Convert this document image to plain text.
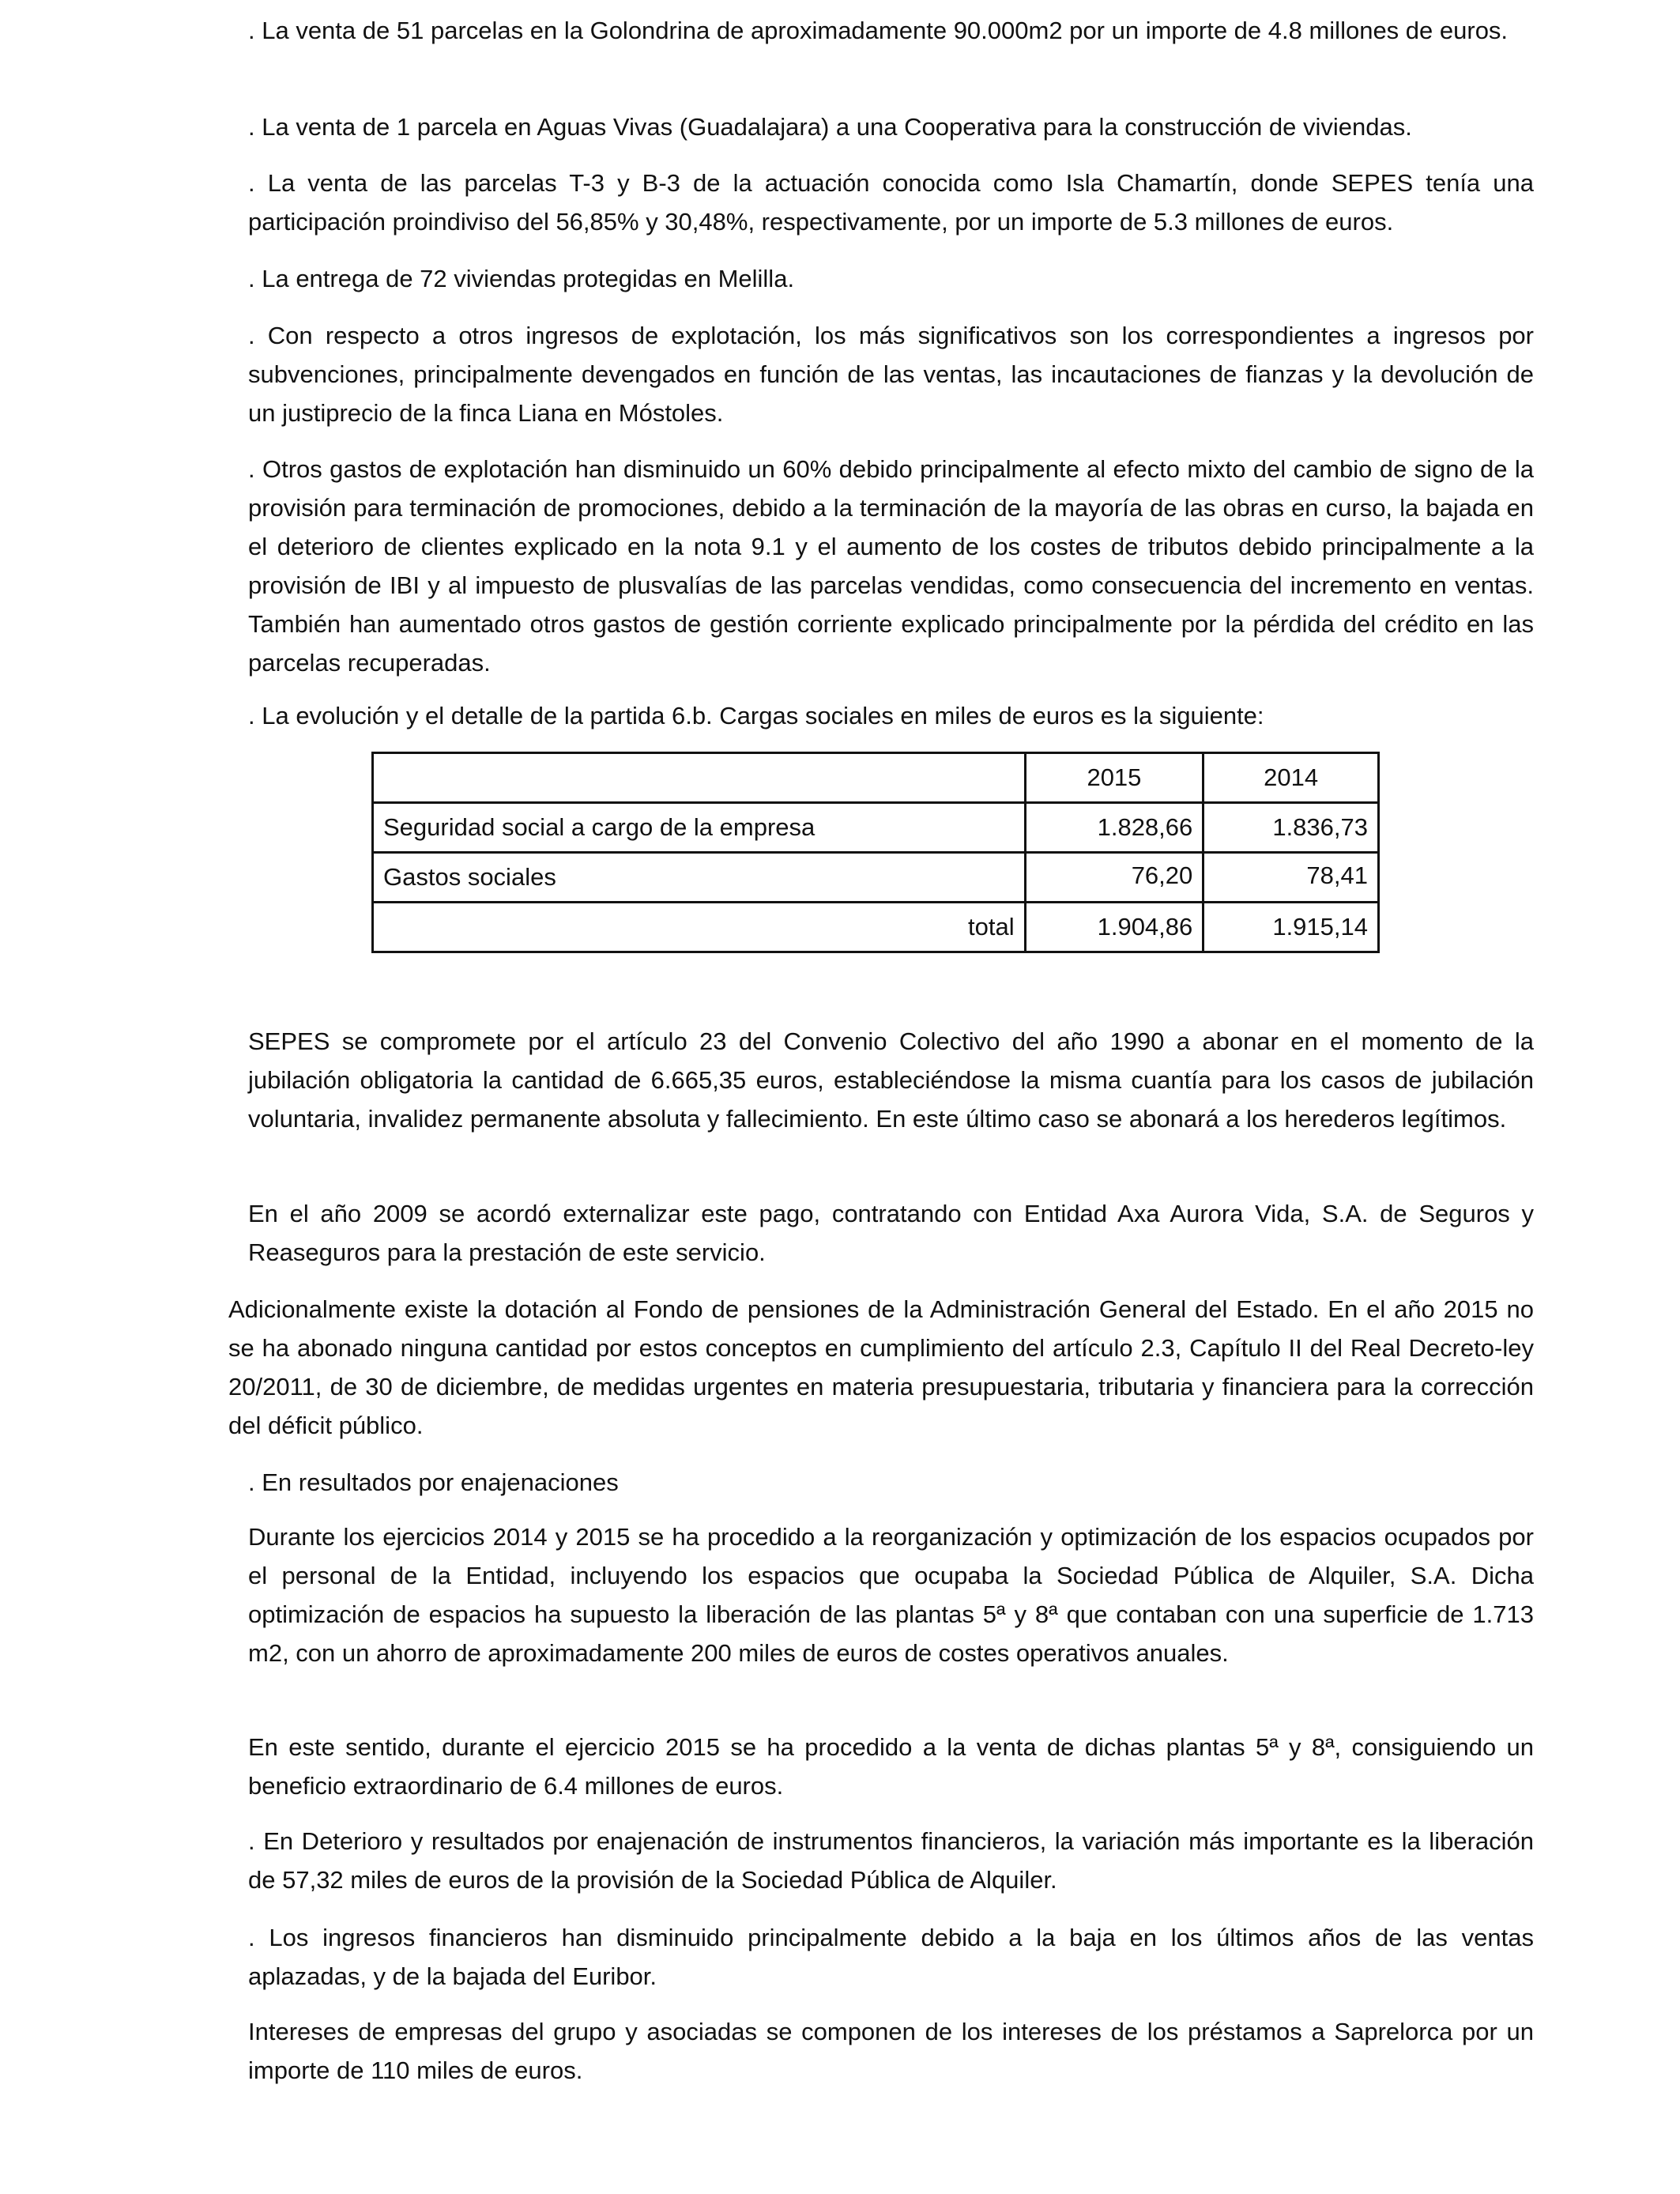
. La venta de 51 parcelas en la Golondrina de aproximadamente 90.000m2 por un importe de 4.8 millones de euros.

. La venta de 1 parcela en Aguas Vivas (Guadalajara) a una Cooperativa para la construcción de viviendas.

. La venta de las parcelas T-3 y B-3 de la actuación conocida como Isla Chamartín, donde SEPES tenía una participación proindiviso del 56,85% y 30,48%, respectivamente, por un importe de 5.3 millones de euros.

. La entrega de 72 viviendas protegidas en Melilla.

. Con respecto a otros ingresos de explotación, los más significativos son los correspondientes a ingresos por subvenciones, principalmente devengados en función de las ventas, las incautaciones de fianzas y la devolución de un justiprecio de la finca Liana en Móstoles.

. Otros gastos de explotación han disminuido un 60% debido principalmente al efecto mixto del cambio de signo de la provisión para terminación de promociones, debido a la terminación de la mayoría de las obras en curso, la bajada en el deterioro de clientes explicado en la nota 9.1 y el aumento de los costes de tributos debido principalmente a la provisión de IBI y al impuesto de plusvalías de las parcelas vendidas, como consecuencia del incremento en ventas. También han aumentado otros gastos de gestión corriente explicado principalmente por la pérdida del crédito en las parcelas recuperadas.

. La evolución y el detalle de la partida 6.b. Cargas sociales en miles de euros es la siguiente:

	2015	2014
Seguridad social a cargo de la empresa	1.828,66	1.836,73
Gastos sociales	76,20	78,41
total	1.904,86	1.915,14

SEPES se compromete por el artículo 23 del Convenio Colectivo del año 1990 a abonar en el momento de la jubilación obligatoria la cantidad de 6.665,35 euros, estableciéndose la misma cuantía para los casos de jubilación voluntaria, invalidez permanente absoluta y fallecimiento. En este último caso se abonará a los herederos legítimos.

En el año 2009 se acordó externalizar este pago, contratando con Entidad Axa Aurora Vida, S.A. de Seguros y Reaseguros para la prestación de este servicio.

Adicionalmente existe la dotación al Fondo de pensiones de la Administración General del Estado. En el año 2015 no se ha abonado ninguna cantidad por estos conceptos en cumplimiento del artículo 2.3, Capítulo II del Real Decreto-ley 20/2011, de 30 de diciembre, de medidas urgentes en materia presupuestaria, tributaria y financiera para la corrección del déficit público.

. En resultados por enajenaciones

Durante los ejercicios 2014 y 2015 se ha procedido a la reorganización y optimización de los espacios ocupados por el personal de la Entidad, incluyendo los espacios que ocupaba la Sociedad Pública de Alquiler, S.A. Dicha optimización de espacios ha supuesto la liberación de las plantas 5ª y 8ª que contaban con una superficie de 1.713 m2, con un ahorro de aproximadamente 200 miles de euros de costes operativos anuales.

En este sentido, durante el ejercicio 2015 se ha procedido a la venta de dichas plantas 5ª y 8ª, consiguiendo un beneficio extraordinario de 6.4 millones de euros.

. En Deterioro y resultados por enajenación de instrumentos financieros, la variación más importante es la liberación de 57,32 miles de euros de la provisión de la Sociedad Pública de Alquiler.

. Los ingresos financieros han disminuido principalmente debido a la baja en los últimos años de las ventas aplazadas, y de la bajada del Euribor.

Intereses de empresas del grupo y asociadas se componen de los intereses de los préstamos a Saprelorca por un importe de 110 miles de euros.
